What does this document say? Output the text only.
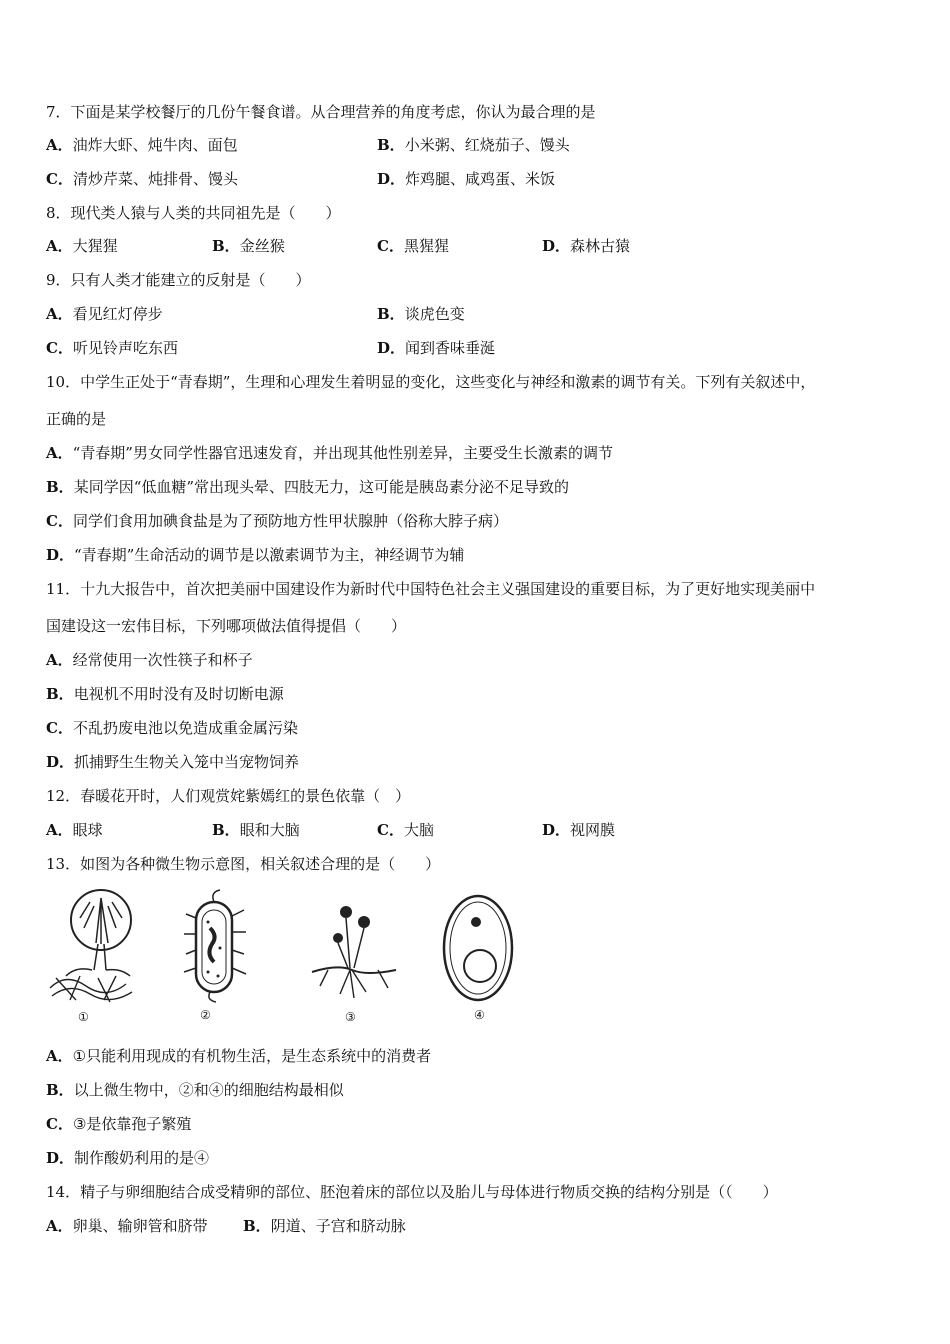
7．下面是某学校餐厅的几份午餐食谱。从合理营养的角度考虑，你认为最合理的是
A．油炸大虾、炖牛肉、面包	B．小米粥、红烧茄子、馒头
C．清炒芹菜、炖排骨、馒头	D．炸鸡腿、咸鸡蛋、米饭
8．现代类人猿与人类的共同祖先是（　　）
A．大猩猩	B．金丝猴	C．黑猩猩	D．森林古猿
9．只有人类才能建立的反射是（　　）
A．看见红灯停步	B．谈虎色变
C．听见铃声吃东西	D．闻到香味垂涎
10．中学生正处于“青春期”，生理和心理发生着明显的变化，这些变化与神经和激素的调节有关。下列有关叙述中，
正确的是
A．“青春期”男女同学性器官迅速发育，并出现其他性别差异，主要受生长激素的调节
B．某同学因“低血糖”常出现头晕、四肢无力，这可能是胰岛素分泌不足导致的
C．同学们食用加碘食盐是为了预防地方性甲状腺肿（俗称大脖子病）
D．“青春期”生命活动的调节是以激素调节为主，神经调节为辅
11．十九大报告中，首次把美丽中国建设作为新时代中国特色社会主义强国建设的重要目标，为了更好地实现美丽中
国建设这一宏伟目标，下列哪项做法值得提倡（　　）
A．经常使用一次性筷子和杯子
B．电视机不用时没有及时切断电源
C．不乱扔废电池以免造成重金属污染
D．抓捕野生生物关入笼中当宠物饲养
12．春暖花开时，人们观赏姹紫嫣红的景色依靠（　）
A．眼球	B．眼和大脑	C．大脑	D．视网膜
13．如图为各种微生物示意图，相关叙述合理的是（　　）
①	②	③	④
A．①只能利用现成的有机物生活，是生态系统中的消费者
B．以上微生物中，②和④的细胞结构最相似
C．③是依靠孢子繁殖
D．制作酸奶利用的是④
14．精子与卵细胞结合成受精卵的部位、胚泡着床的部位以及胎儿与母体进行物质交换的结构分别是（（　　）
A．卵巢、输卵管和脐带 B．阴道、子宫和脐动脉
